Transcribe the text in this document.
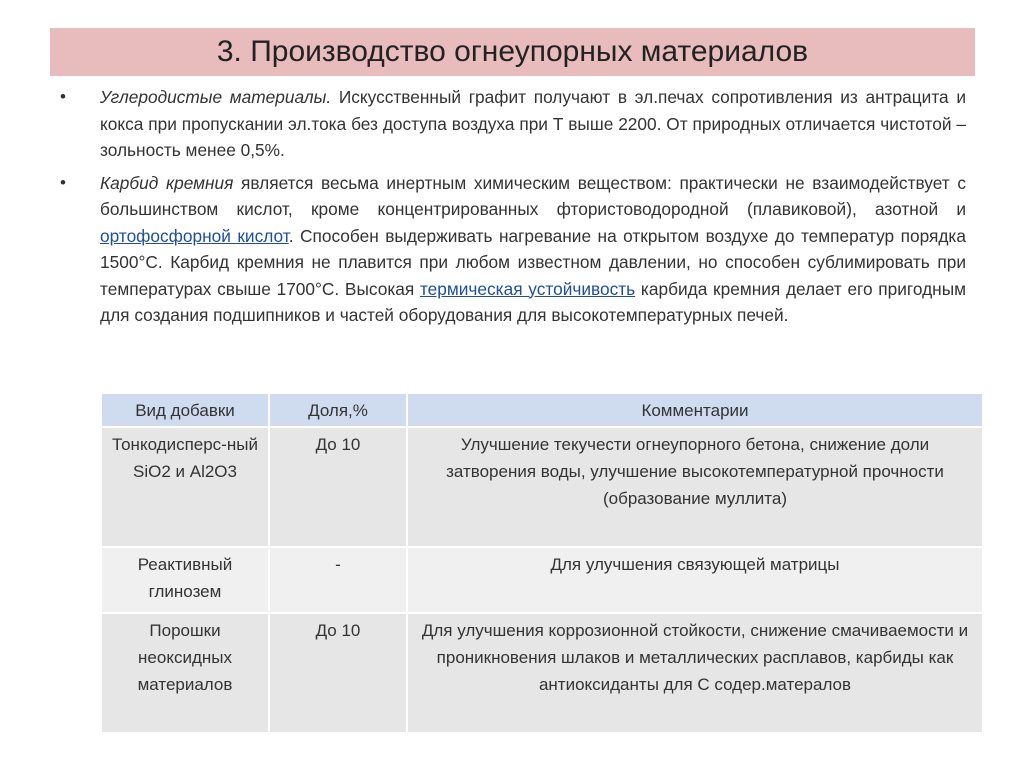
3. Производство огнеупорных материалов
• Углеродистые материалы. Искусственный графит получают в эл.печах сопротивления из антрацита и кокса при пропускании эл.тока без доступа воздуха при Т выше 2200. От природных отличается чистотой – зольность менее 0,5%.
• Карбид кремния является весьма инертным химическим веществом: практически не взаимодействует с большинством кислот, кроме концентрированных фтористоводородной (плавиковой), азотной и ортофосфорной кислот. Способен выдерживать нагревание на открытом воздухе до температур порядка 1500°C. Карбид кремния не плавится при любом известном давлении, но способен сублимировать при температурах свыше 1700°C. Высокая термическая устойчивость карбида кремния делает его пригодным для создания подшипников и частей оборудования для высокотемпературных печей.
Вид добавки	Доля,%	Комментарии
Тонкодисперс-ный SiO2 и Al2O3	До 10	Улучшение текучести огнеупорного бетона, снижение доли затворения воды, улучшение высокотемпературной прочности (образование муллита)
Реактивный глинозем	-	Для улучшения связующей матрицы
Порошки неоксидных материалов	До 10	Для улучшения коррозионной стойкости, снижение смачиваемости и проникновения шлаков и металлических расплавов, карбиды как антиоксиданты для С содер.матералов
